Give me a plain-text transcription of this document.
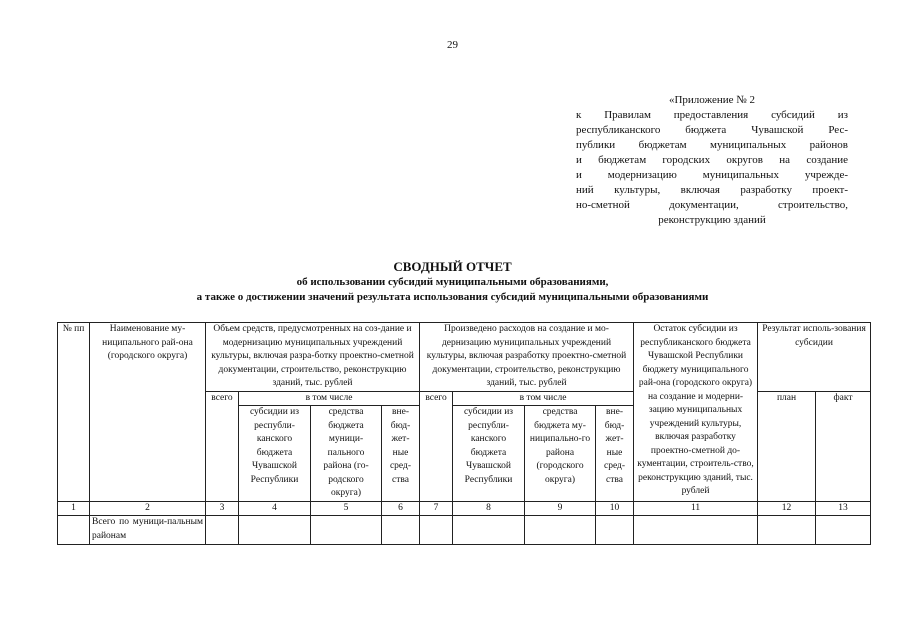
29
«Приложение № 2
к Правилам предоставления субсидий из
республиканского бюджета Чувашской Рес-
публики бюджетам муниципальных районов
и бюджетам городских округов на создание
и модернизацию муниципальных учрежде-
ний культуры, включая разработку проект-
но-сметной документации, строительство,
реконструкцию зданий
СВОДНЫЙ ОТЧЕТ
об использовании субсидий муниципальными образованиями,
а также о достижении значений результата использования субсидий муниципальными образованиями
№ пп	Наименование му-ниципального рай-она (городского округа)	Объем средств, предусмотренных на соз-дание и модернизацию муниципальных учреждений культуры, включая разра-ботку проектно-сметной документации, строительство, реконструкцию зданий, тыс. рублей				Произведено расходов на создание и мо-дернизацию муниципальных учреждений культуры, включая разработку проектно-сметной документации, строительство, реконструкцию зданий, тыс. рублей				Остаток субсидии из республиканского бюджета Чувашской Республики бюджету муниципального рай-она (городского округа) на создание и модерни-зацию муниципальных учреждений культуры, включая разработку проектно-сметной до-кументации, строитель-ство, реконструкцию зданий, тыс. рублей	Результат исполь-зования субсидии	
		всего	в том числе			всего	в том числе				план	факт
			субсидии из республи-канского бюджета Чувашской Республики	средства бюджета муници-пального района (го-родского округа)	вне-бюд-жет-ные сред-ства		субсидии из республи-канского бюджета Чувашской Республики	средства бюджета му-ниципально-го района (городского округа)	вне-бюд-жет-ные сред-ства			
1	2	3	4	5	6	7	8	9	10	11	12	13
	Всего по муници-пальным районам											
